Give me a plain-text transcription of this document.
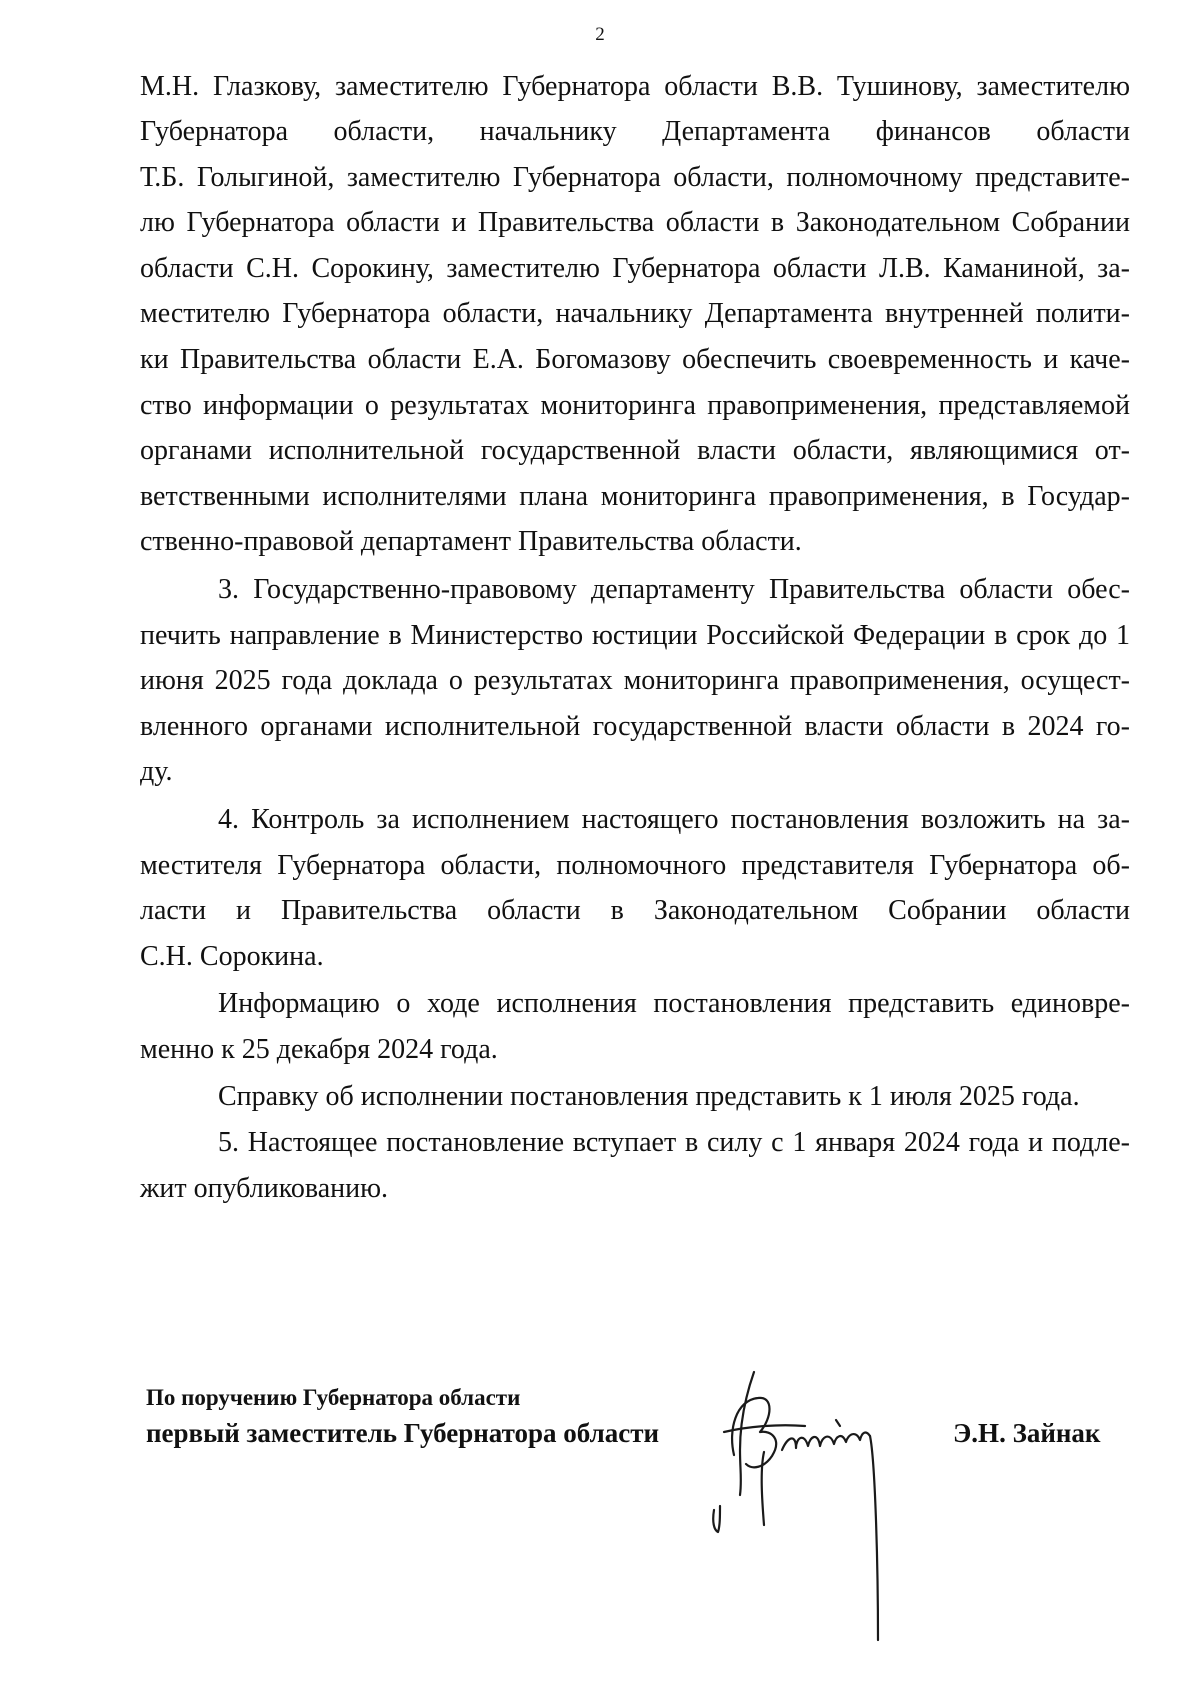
2
М.Н. Глазкову, заместителю Губернатора области В.В. Тушинову, заместителю
Губернатора области, начальнику Департамента финансов области
Т.Б. Голыгиной, заместителю Губернатора области, полномочному представите-
лю Губернатора области и Правительства области в Законодательном Собрании
области С.Н. Сорокину, заместителю Губернатора области Л.В. Каманиной, за-
местителю Губернатора области, начальнику Департамента внутренней полити-
ки Правительства области Е.А. Богомазову обеспечить своевременность и каче-
ство информации о результатах мониторинга правоприменения, представляемой
органами исполнительной государственной власти области, являющимися от-
ветственными исполнителями плана мониторинга правоприменения, в Государ-
ственно-правовой департамент Правительства области.
3. Государственно-правовому департаменту Правительства области обес-
печить направление в Министерство юстиции Российской Федерации в срок до 1
июня 2025 года доклада о результатах мониторинга правоприменения, осущест-
вленного органами исполнительной государственной власти области в 2024 го-
ду.
4. Контроль за исполнением настоящего постановления возложить на за-
местителя Губернатора области, полномочного представителя Губернатора об-
ласти и Правительства области в Законодательном Собрании области
С.Н. Сорокина.
Информацию о ходе исполнения постановления представить единовре-
менно к 25 декабря 2024 года.
Справку об исполнении постановления представить к 1 июля 2025 года.
5. Настоящее постановление вступает в силу с 1 января 2024 года и подле-
жит опубликованию.
По поручению Губернатора области
первый заместитель Губернатора области	Э.Н. Зайнак
